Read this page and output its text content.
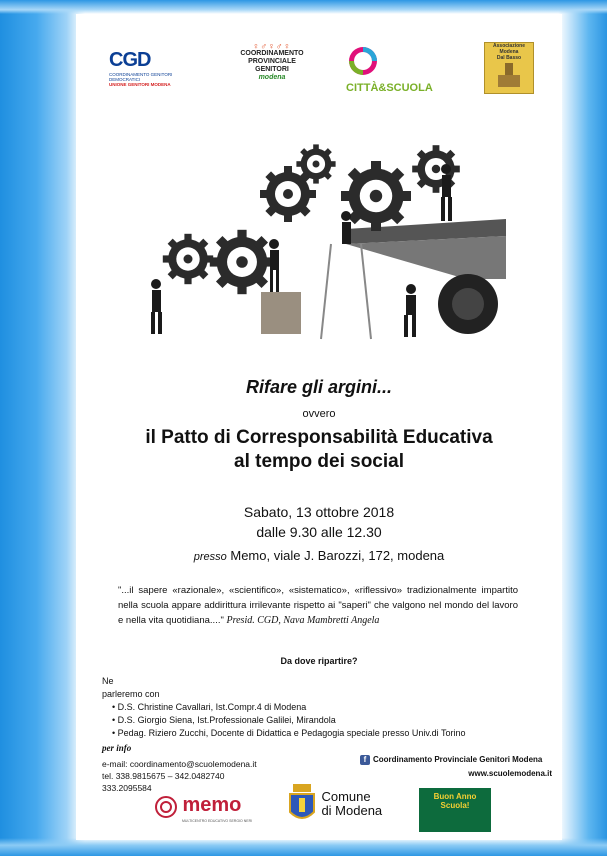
CGD
COORDINAMENTO GENITORI DEMOCRATICI
UNIONE GENITORI MODENA
♀♂♀♂♀
COORDINAMENTO
PROVINCIALE
GENITORI
modena
CITTÀ&SCUOLA
Associazione
Modena
Dal Basso
Rifare gli argini...
ovvero
il Patto di Corresponsabilità Educativa
al tempo dei social
Sabato, 13 ottobre 2018
dalle 9.30 alle 12.30
presso Memo, viale J. Barozzi, 172, modena
"...il sapere «razionale», «scientifico», «sistematico», «riflessivo» tradizionalmente impartito nella scuola appare addirittura irrilevante rispetto ai "saperi" che valgono nel mondo del lavoro e nella vita quotidiana...." Presid. CGD, Nava Mambretti Angela
Da dove ripartire?
Ne
parleremo con
• D.S. Christine Cavallari, Ist.Compr.4 di Modena
• D.S. Giorgio Siena, Ist.Professionale Galilei, Mirandola
• Pedag. Riziero Zucchi, Docente di Didattica e Pedagogia speciale presso Univ.di Torino
per info
e-mail: coordinamento@scuolemodena.it
tel. 338.9815675 – 342.0482740
333.2095584
f Coordinamento Provinciale Genitori Modena
www.scuolemodena.it
memo
MULTICENTRO EDUCATIVO SERGIO NERI
Comune
di Modena
Buon Anno Scuola!
